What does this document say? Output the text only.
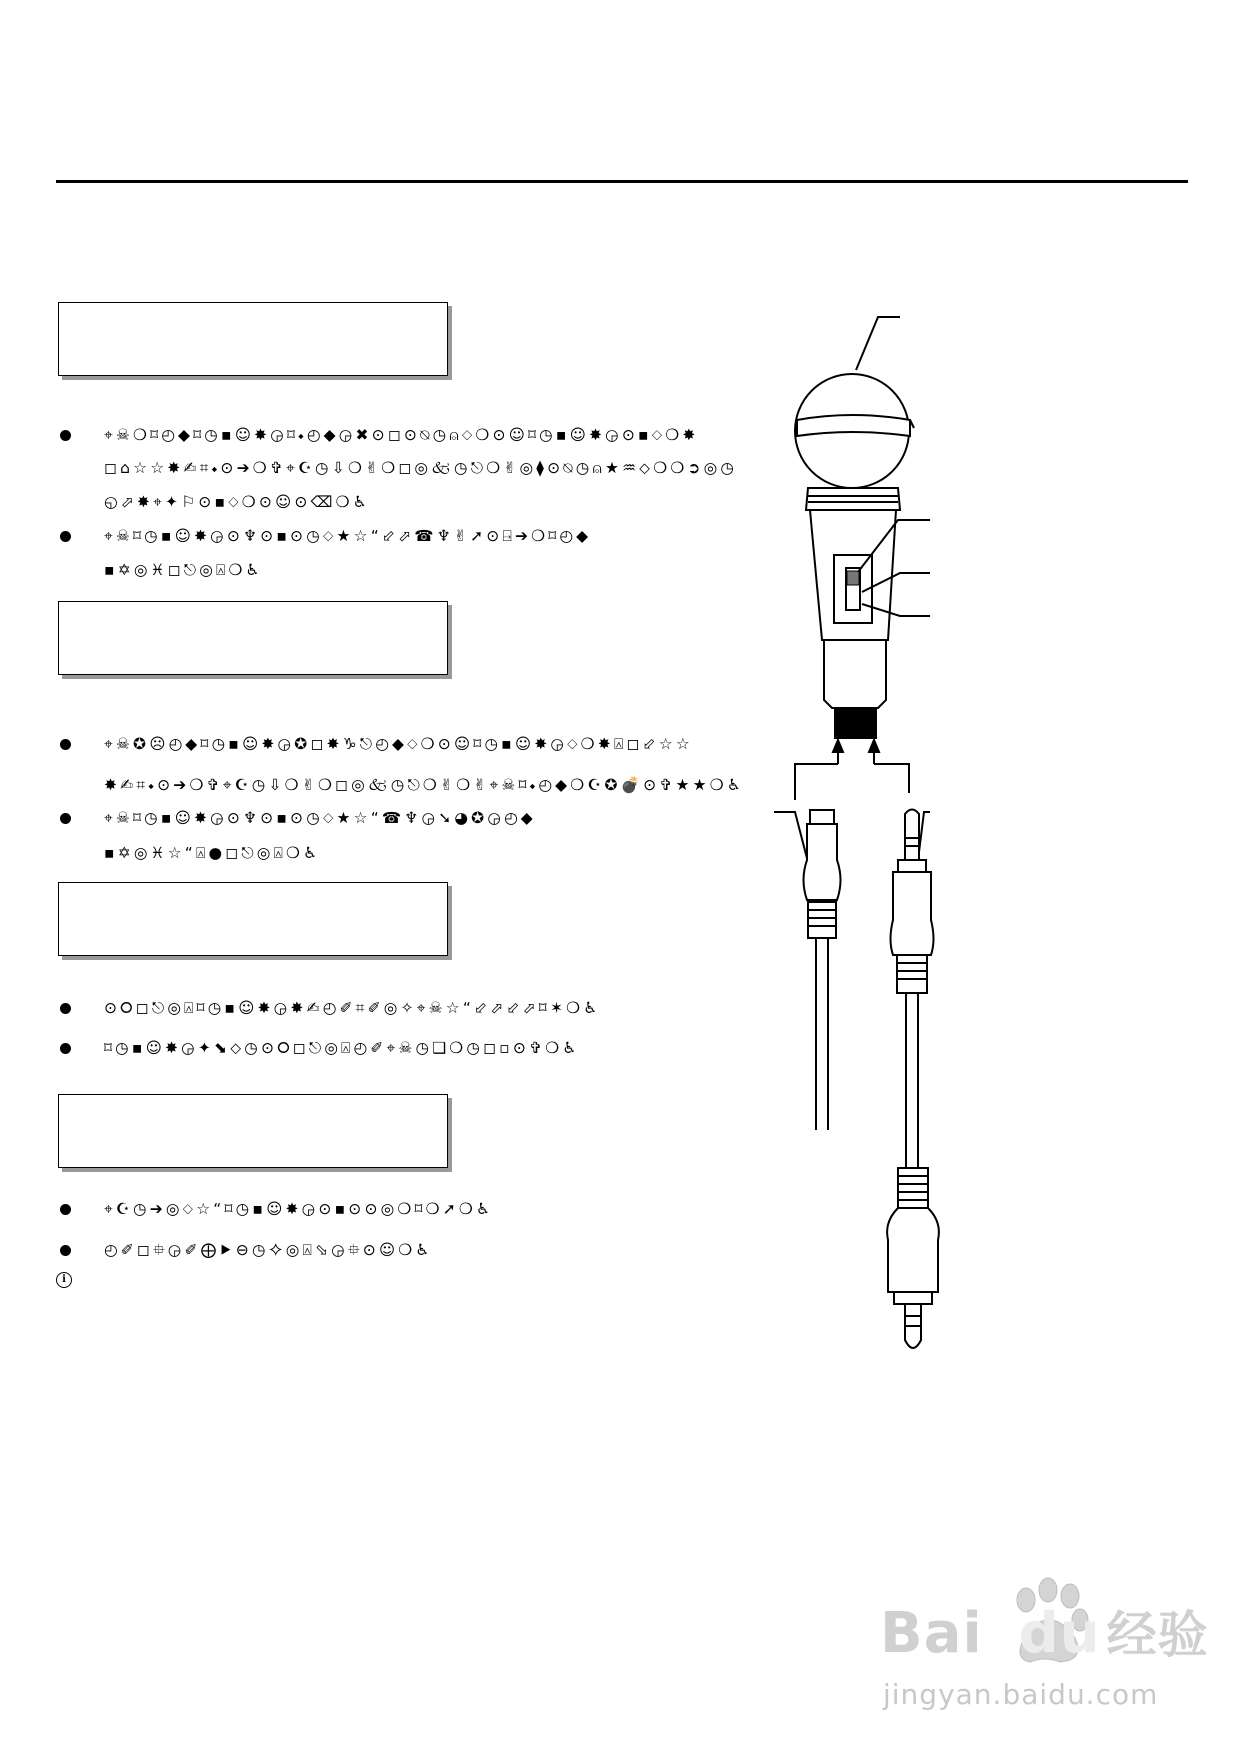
⌖☠❍⌑◴◆⌑◷▪☺✸◶⌑⬩◴◆◶✖⊙◻⊙⍉◷⍝⬦❍⊙☺⌑◷▪☺✸◶⊙▪⬦❍✸
◻⌂☆☆✸✍⌗⬩⊙➔❍✞⌖☪◷⇩❍✌❍◻◎🙵◷⎋❍✌◎⧫⊙⍉◷⍝★♒⬦❍❍➲◎◷
◵⬀✸⌖✦⚐⊙▪⬦❍⊙☺⊙⌫❍♿
⌖☠⌑◷▪☺✸◶⊙♆⊙▪⊙◷⬦★☆“⬃⬀☎♆✌➚⊙⍈➔❍⌑◴◆
▪✡◎♓◻⎋◎⍓❍♿
⌖☠✪☹◴◆⌑◷▪☺✸◶✪◻✸♑⎋◴◆⬦❍⊙☺⌑◷▪☺✸◶⬦❍✸⍓◻⬃☆☆
✸✍⌗⬩⊙➔❍✞⌖☪◷⇩❍✌❍◻◎🙵◷⎋❍✌❍✌⌖☠⌑⬩◴◆❍☪✪💣⊙✞★★❍♿
⌖☠⌑◷▪☺✸◶⊙♆⊙▪⊙◷⬦★☆“☎♆◶➘◕✪◶◴◆
▪✡◎♓☆“⍓●◻⎋◎⍓❍♿
⊙⭘◻⎋◎⍓⌑◷▪☺✸◶✸✍◴✐⌗✐◎✧⌖☠☆“⬃⬀⬃⬀⌑✶❍♿
⌑◷▪☺✸◶✦⬊⬦◷⊙⭘◻⎋◎⍓◴✐⌖☠◷❑❍◷◻▫⊙✞❍♿
⌖☪◷➔◎⬦☆“⌑◷▪☺✸◶⊙▪⊙⊙◎❍⌑❍➚❍♿
◴✐◻⯐◶✐⨁⯈⊖◷⯎◎⍓⬂◶⯐⊙☺❍♿
i
Bai du 经验
jingyan.baidu.com
